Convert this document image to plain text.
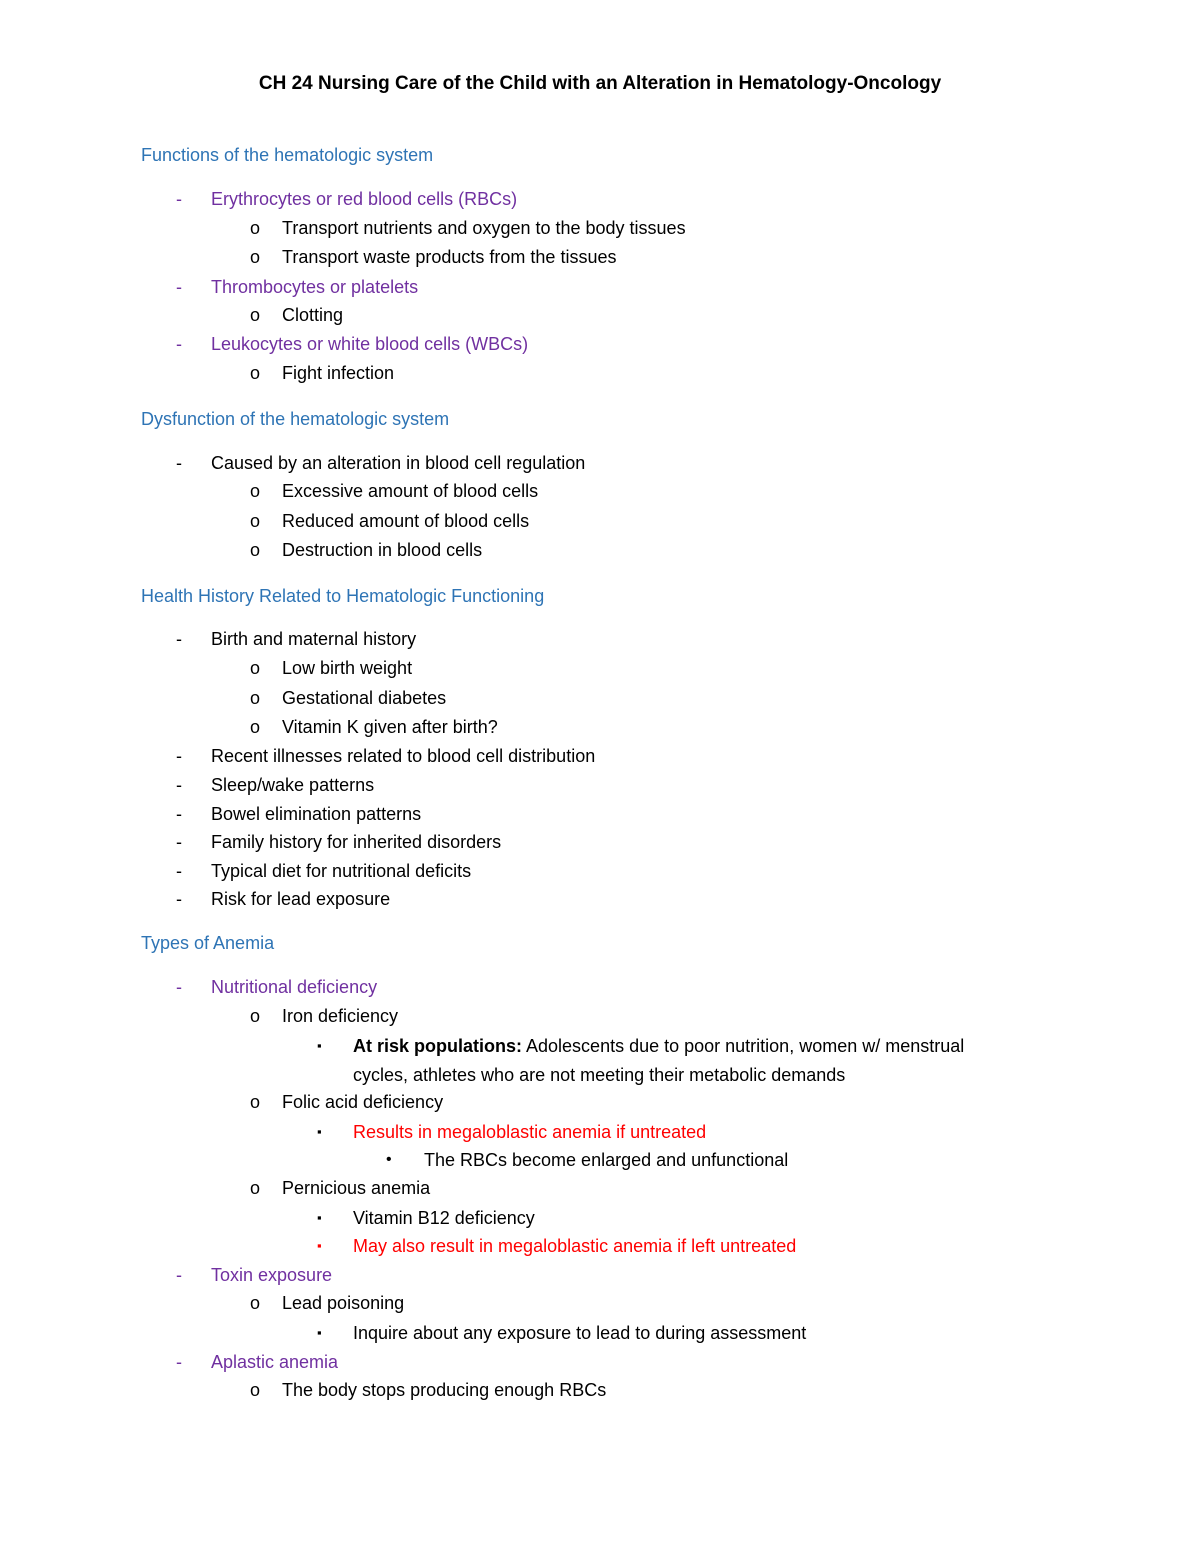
CH 24 Nursing Care of the Child with an Alteration in Hematology-Oncology
Functions of the hematologic system
- Erythrocytes or red blood cells (RBCs)
o Transport nutrients and oxygen to the body tissues
o Transport waste products from the tissues
- Thrombocytes or platelets
o Clotting
- Leukocytes or white blood cells (WBCs)
o Fight infection
Dysfunction of the hematologic system
- Caused by an alteration in blood cell regulation
o Excessive amount of blood cells
o Reduced amount of blood cells
o Destruction in blood cells
Health History Related to Hematologic Functioning
- Birth and maternal history
o Low birth weight
o Gestational diabetes
o Vitamin K given after birth?
- Recent illnesses related to blood cell distribution
- Sleep/wake patterns
- Bowel elimination patterns
- Family history for inherited disorders
- Typical diet for nutritional deficits
- Risk for lead exposure
Types of Anemia
- Nutritional deficiency
o Iron deficiency
▪ At risk populations: Adolescents due to poor nutrition, women w/ menstrual
cycles, athletes who are not meeting their metabolic demands
o Folic acid deficiency
▪ Results in megaloblastic anemia if untreated
• The RBCs become enlarged and unfunctional
o Pernicious anemia
▪ Vitamin B12 deficiency
▪ May also result in megaloblastic anemia if left untreated
- Toxin exposure
o Lead poisoning
▪ Inquire about any exposure to lead to during assessment
- Aplastic anemia
o The body stops producing enough RBCs
